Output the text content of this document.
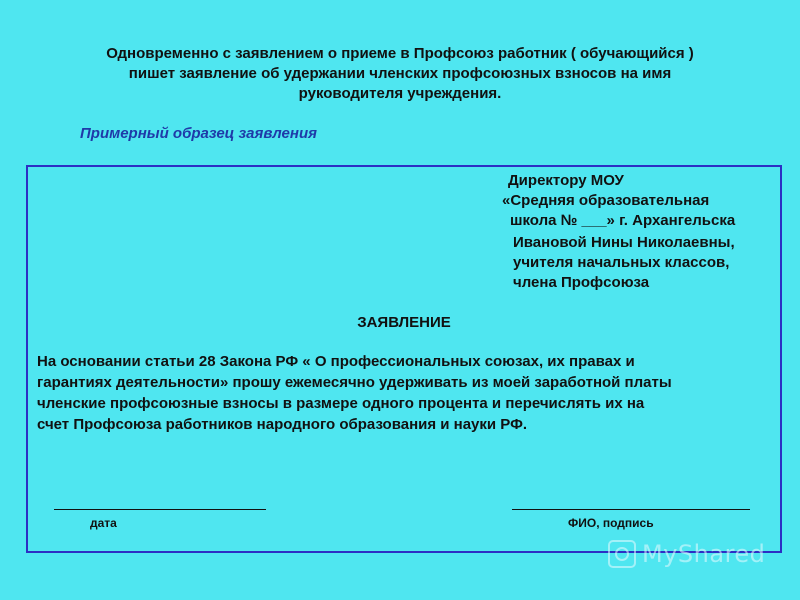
Одновременно с заявлением о приеме в Профсоюз работник ( обучающийся )
пишет заявление об удержании членских профсоюзных взносов на имя
руководителя учреждения.
Примерный образец заявления
Директору МОУ
«Средняя образовательная
школа № ___» г. Архангельска
Ивановой Нины Николаевны,
учителя начальных классов,
члена Профсоюза
ЗАЯВЛЕНИЕ
На основании статьи 28 Закона РФ « О профессиональных союзах, их правах и
гарантиях деятельности» прошу ежемесячно удерживать из моей заработной платы
членские профсоюзные взносы в размере одного процента и перечислять их на
счет Профсоюза работников народного образования и науки РФ.
дата	ФИО, подпись
MyShared
